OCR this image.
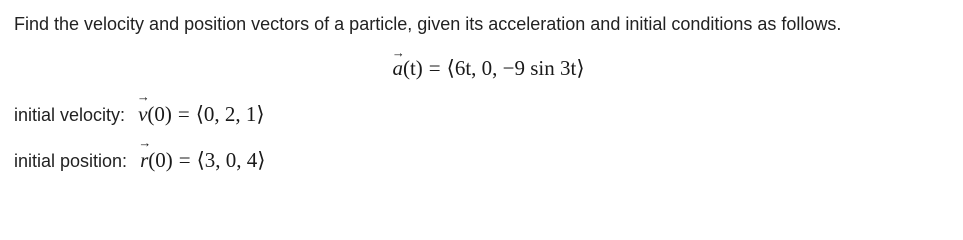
Find the velocity and position vectors of a particle, given its acceleration and initial conditions as follows.
→
a(t) = ⟨6t, 0, −9 sin 3t⟩
initial velocity:
→
v(0) = ⟨0, 2, 1⟩
initial position:
→
r(0) = ⟨3, 0, 4⟩
